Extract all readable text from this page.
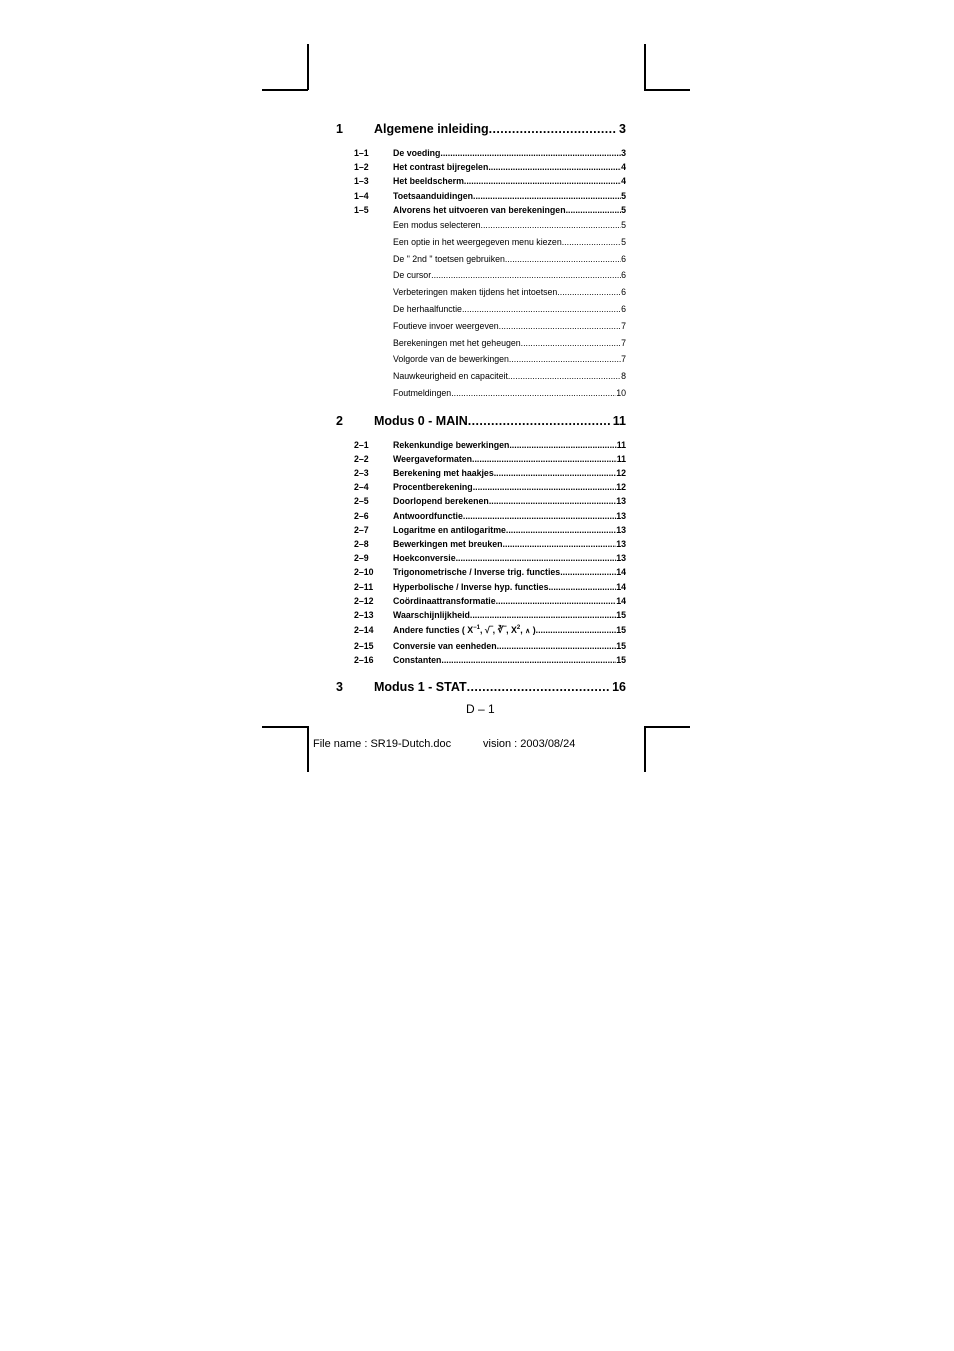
1	Algemene inleiding .....	3
1–1	De voeding .....	3
1–2	Het contrast bijregelen .....	4
1–3	Het beeldscherm .....	4
1–4	Toetsaanduidingen .....	5
1–5	Alvorens het uitvoeren van berekeningen .....	5
Een modus selecteren .....	5
Een optie in het weergegeven menu kiezen .....	5
De " 2nd " toetsen gebruiken .....	6
De cursor .....	6
Verbeteringen maken tijdens het intoetsen .....	6
De herhaalfunctie .....	6
Foutieve invoer weergeven .....	7
Berekeningen met het geheugen .....	7
Volgorde van de bewerkingen .....	7
Nauwkeurigheid en capaciteit .....	8
Foutmeldingen .....	10
2	Modus 0 - MAIN .....	11
2–1	Rekenkundige bewerkingen .....	11
2–2	Weergaveformaten .....	11
2–3	Berekening met haakjes .....	12
2–4	Procentberekening .....	12
2–5	Doorlopend berekenen .....	13
2–6	Antwoordfunctie .....	13
2–7	Logaritme en antilogaritme .....	13
2–8	Bewerkingen met breuken .....	13
2–9	Hoekconversie .....	13
2–10	Trigonometrische / Inverse trig. functies .....	14
2–11	Hyperbolische / Inverse hyp. functies .....	14
2–12	Coördinaattransformatie .....	14
2–13	Waarschijnlijkheid .....	15
2–14	Andere functies ( $X^{-1}$, √‾, ∛‾, $X^2$, ∧ ) .....	15
2–15	Conversie van eenheden .....	15
2–16	Constanten .....	15
3	Modus 1 - STAT .....	16
D – 1
File name : SR19-Dutch.doc	vision : 2003/08/24
